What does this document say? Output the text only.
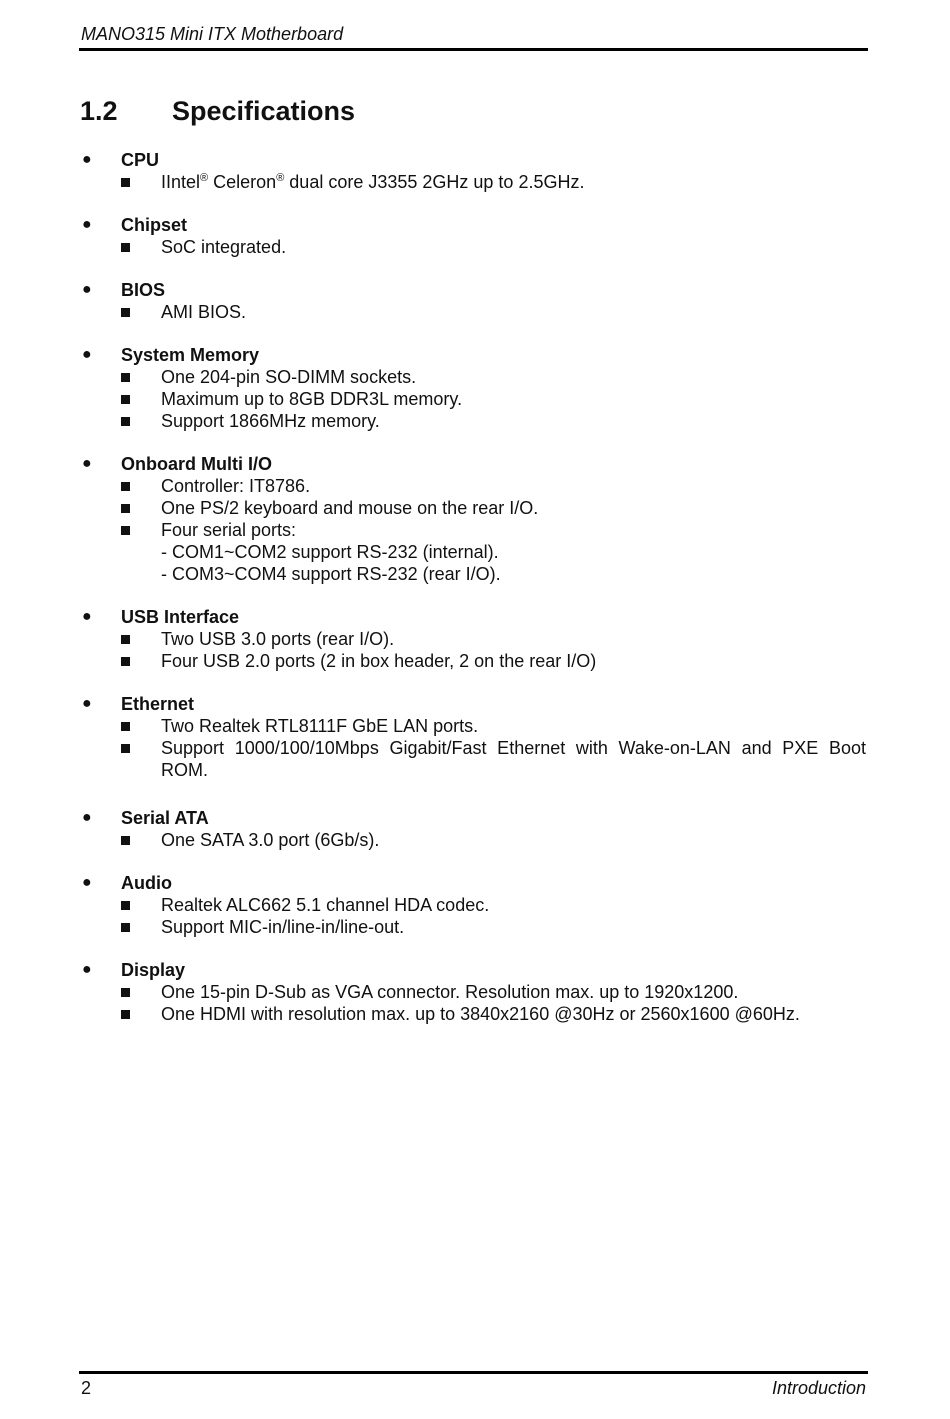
MANO315 Mini ITX Motherboard
1.2 Specifications
● CPU
IIntel® Celeron® dual core J3355 2GHz up to 2.5GHz.
● Chipset
SoC integrated.
● BIOS
AMI BIOS.
● System Memory
One 204-pin SO-DIMM sockets.
Maximum up to 8GB DDR3L memory.
Support 1866MHz memory.
● Onboard Multi I/O
Controller: IT8786.
One PS/2 keyboard and mouse on the rear I/O.
Four serial ports:
- COM1~COM2 support RS-232 (internal).
- COM3~COM4 support RS-232 (rear I/O).
● USB Interface
Two USB 3.0 ports (rear I/O).
Four USB 2.0 ports (2 in box header, 2 on the rear I/O)
● Ethernet
Two Realtek RTL8111F GbE LAN ports.
Support 1000/100/10Mbps Gigabit/Fast Ethernet with Wake-on-LAN and PXE Boot ROM.
● Serial ATA
One SATA 3.0 port (6Gb/s).
● Audio
Realtek ALC662 5.1 channel HDA codec.
Support MIC-in/line-in/line-out.
● Display
One 15-pin D-Sub as VGA connector. Resolution max. up to 1920x1200.
One HDMI with resolution max. up to 3840x2160 @30Hz or 2560x1600 @60Hz.
2	Introduction
